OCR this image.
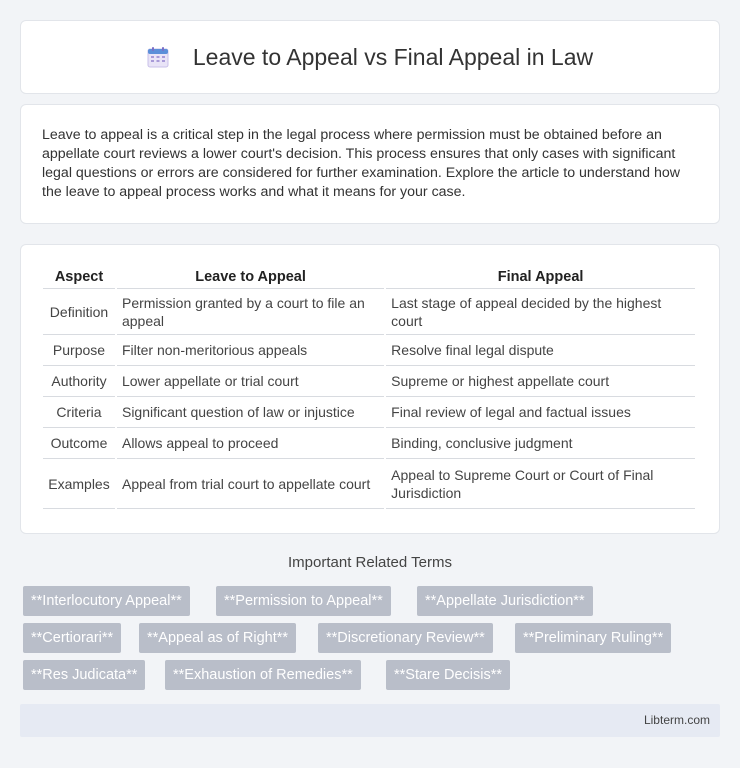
Leave to Appeal vs Final Appeal in Law

Leave to appeal is a critical step in the legal process where permission must be obtained before an appellate court reviews a lower court's decision. This process ensures that only cases with significant legal questions or errors are considered for further examination. Explore the article to understand how the leave to appeal process works and what it means for your case.

Aspect	Leave to Appeal	Final Appeal
Definition	Permission granted by a court to file an appeal	Last stage of appeal decided by the highest court
Purpose	Filter non-meritorious appeals	Resolve final legal dispute
Authority	Lower appellate or trial court	Supreme or highest appellate court
Criteria	Significant question of law or injustice	Final review of legal and factual issues
Outcome	Allows appeal to proceed	Binding, conclusive judgment
Examples	Appeal from trial court to appellate court	Appeal to Supreme Court or Court of Final Jurisdiction
Important Related Terms
**Interlocutory Appeal**	**Permission to Appeal**	**Appellate Jurisdiction**
**Certiorari**	**Appeal as of Right**	**Discretionary Review**	**Preliminary Ruling**
**Res Judicata**	**Exhaustion of Remedies**	**Stare Decisis**
Libterm.com
